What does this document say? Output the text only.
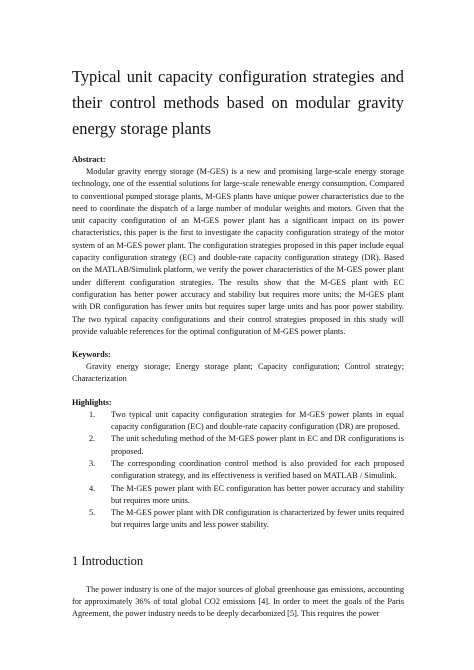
Typical unit capacity configuration strategies and their control methods based on modular gravity energy storage plants

Abstract:

Modular gravity energy storage (M-GES) is a new and promising large-scale energy storage technology, one of the essential solutions for large-scale renewable energy consumption. Compared to conventional pumped storage plants, M-GES plants have unique power characteristics due to the need to coordinate the dispatch of a large number of modular weights and motors. Given that the unit capacity configuration of an M-GES power plant has a significant impact on its power characteristics, this paper is the first to investigate the capacity configuration strategy of the motor system of an M-GES power plant. The configuration strategies proposed in this paper include equal capacity configuration strategy (EC) and double-rate capacity configuration strategy (DR). Based on the MATLAB/Simulink platform, we verify the power characteristics of the M-GES power plant under different configuration strategies. The results show that the M-GES plant with EC configuration has better power accuracy and stability but requires more units; the M-GES plant with DR configuration has fewer units but requires super large units and has poor power stability. The two typical capacity configurations and their control strategies proposed in this study will provide valuable references for the optimal configuration of M-GES power plants.

Keywords:

Gravity energy storage; Energy storage plant; Capacity configuration; Control strategy; Characterization

Highlights:

1. Two typical unit capacity configuration strategies for M-GES power plants in equal capacity configuration (EC) and double-rate capacity configuration (DR) are proposed.
2. The unit scheduling method of the M-GES power plant in EC and DR configurations is proposed.
3. The corresponding coordination control method is also provided for each proposed configuration strategy, and its effectiveness is verified based on MATLAB / Simulink.
4. The M-GES power plant with EC configuration has better power accuracy and stability but requires more units.
5. The M-GES power plant with DR configuration is characterized by fewer units required but requires large units and less power stability.
1 Introduction

The power industry is one of the major sources of global greenhouse gas emissions, accounting for approximately 36% of total global CO2 emissions [4]. In order to meet the goals of the Paris Agreement, the power industry needs to be deeply decarbonized [5]. This requires the power
